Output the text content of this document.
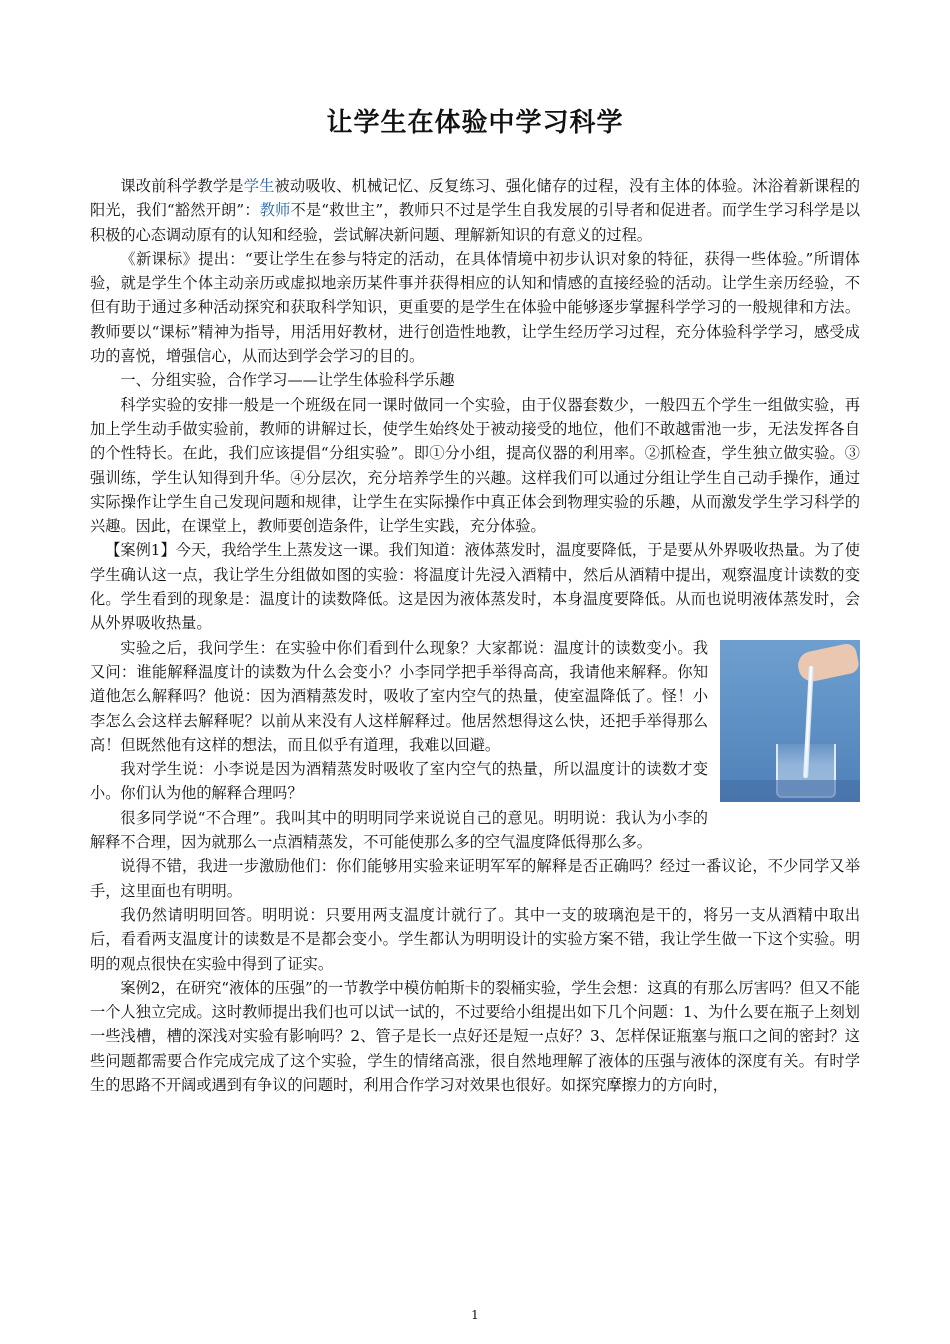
让学生在体验中学习科学

课改前科学教学是学生被动吸收、机械记忆、反复练习、强化储存的过程，没有主体的体验。沐浴着新课程的阳光，我们“豁然开朗”：教师不是“救世主”，教师只不过是学生自我发展的引导者和促进者。而学生学习科学是以积极的心态调动原有的认知和经验，尝试解决新问题、理解新知识的有意义的过程。

《新课标》提出：“要让学生在参与特定的活动，在具体情境中初步认识对象的特征，获得一些体验。”所谓体验，就是学生个体主动亲历或虚拟地亲历某件事并获得相应的认知和情感的直接经验的活动。让学生亲历经验，不但有助于通过多种活动探究和获取科学知识，更重要的是学生在体验中能够逐步掌握科学学习的一般规律和方法。教师要以“课标”精神为指导，用活用好教材，进行创造性地教，让学生经历学习过程，充分体验科学学习，感受成功的喜悦，增强信心，从而达到学会学习的目的。

一、分组实验，合作学习——让学生体验科学乐趣

科学实验的安排一般是一个班级在同一课时做同一个实验，由于仪器套数少，一般四五个学生一组做实验，再加上学生动手做实验前，教师的讲解过长，使学生始终处于被动接受的地位，他们不敢越雷池一步，无法发挥各自的个性特长。在此，我们应该提倡“分组实验”。即①分小组，提高仪器的利用率。②抓检查，学生独立做实验。③强训练，学生认知得到升华。④分层次，充分培养学生的兴趣。这样我们可以通过分组让学生自己动手操作，通过实际操作让学生自己发现问题和规律，让学生在实际操作中真正体会到物理实验的乐趣，从而激发学生学习科学的兴趣。因此，在课堂上，教师要创造条件，让学生实践，充分体验。

【案例1】今天，我给学生上蒸发这一课。我们知道：液体蒸发时，温度要降低，于是要从外界吸收热量。为了使学生确认这一点，我让学生分组做如图的实验：将温度计先浸入酒精中，然后从酒精中提出，观察温度计读数的变化。学生看到的现象是：温度计的读数降低。这是因为液体蒸发时，本身温度要降低。从而也说明液体蒸发时，会从外界吸收热量。

实验之后，我问学生：在实验中你们看到什么现象？大家都说：温度计的读数变小。我又问：谁能解释温度计的读数为什么会变小？小李同学把手举得高高，我请他来解释。你知道他怎么解释吗？他说：因为酒精蒸发时，吸收了室内空气的热量，使室温降低了。怪！小李怎么会这样去解释呢？以前从来没有人这样解释过。他居然想得这么快，还把手举得那么高！但既然他有这样的想法，而且似乎有道理，我难以回避。

我对学生说：小李说是因为酒精蒸发时吸收了室内空气的热量，所以温度计的读数才变小。你们认为他的解释合理吗？

很多同学说“不合理”。我叫其中的明明同学来说说自己的意见。明明说：我认为小李的解释不合理，因为就那么一点酒精蒸发，不可能使那么多的空气温度降低得那么多。

说得不错，我进一步激励他们：你们能够用实验来证明军军的解释是否正确吗？经过一番议论，不少同学又举手，这里面也有明明。

我仍然请明明回答。明明说：只要用两支温度计就行了。其中一支的玻璃泡是干的，将另一支从酒精中取出后，看看两支温度计的读数是不是都会变小。学生都认为明明设计的实验方案不错，我让学生做一下这个实验。明明的观点很快在实验中得到了证实。

案例2，在研究“液体的压强”的一节教学中模仿帕斯卡的裂桶实验，学生会想：这真的有那么厉害吗？但又不能一个人独立完成。这时教师提出我们也可以试一试的，不过要给小组提出如下几个问题：1、为什么要在瓶子上刻划一些浅槽，槽的深浅对实验有影响吗？2、管子是长一点好还是短一点好？3、怎样保证瓶塞与瓶口之间的密封？这些问题都需要合作完成完成了这个实验，学生的情绪高涨，很自然地理解了液体的压强与液体的深度有关。有时学生的思路不开阔或遇到有争议的问题时，利用合作学习对效果也很好。如探究摩擦力的方向时，

1
